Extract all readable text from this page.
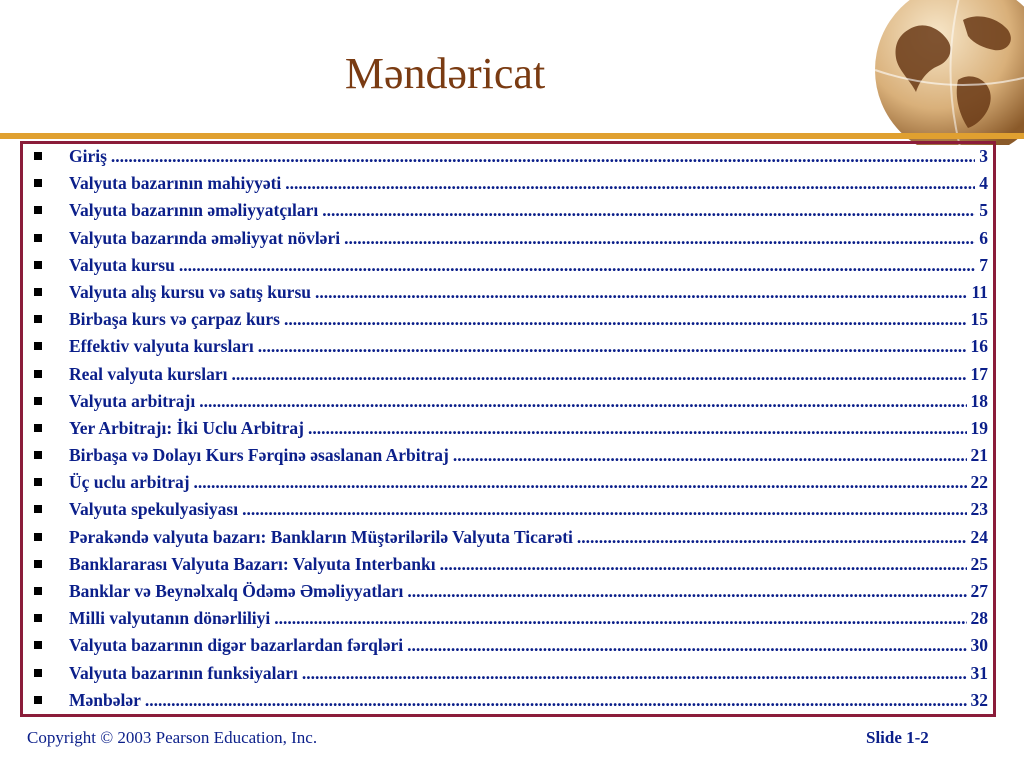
Məndəricat
Giriş .....	3
Valyuta bazarının mahiyyəti .....	4
Valyuta bazarının əməliyyatçıları .....	5
Valyuta bazarında əməliyyat növləri .....	6
Valyuta kursu .....	7
Valyuta alış kursu və satış kursu .....	11
Birbaşa kurs və çarpaz kurs .....	15
Effektiv valyuta kursları .....	16
Real valyuta kursları .....	17
Valyuta arbitrajı .....	18
Yer Arbitrajı: İki Uclu Arbitraj .....	19
Birbaşa və Dolayı Kurs Fərqinə əsaslanan Arbitraj .....	21
Üç uclu arbitraj .....	22
Valyuta spekulyasiyası .....	23
Pərakəndə valyuta bazarı: Bankların Müştərilərilə Valyuta Ticarəti .....	24
Banklararası Valyuta Bazarı: Valyuta Interbankı .....	25
Banklar və Beynəlxalq Ödəmə Əməliyyatları .....	27
Milli valyutanın dönərliliyi .....	28
Valyuta bazarının digər bazarlardan fərqləri .....	30
Valyuta bazarının funksiyaları .....	31
Mənbələr .....	32
Copyright © 2003 Pearson Education, Inc.	Slide 1-2
